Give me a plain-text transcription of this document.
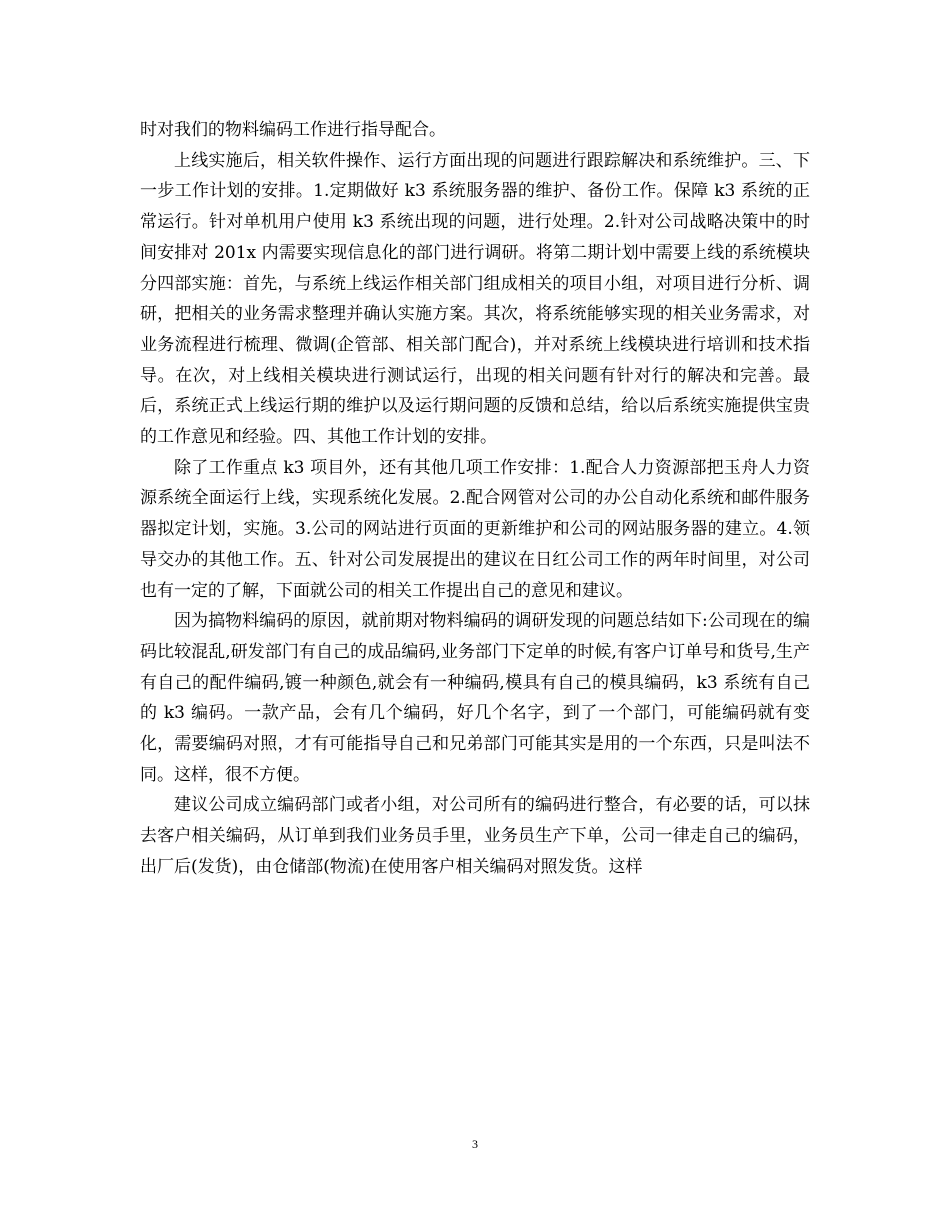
时对我们的物料编码工作进行指导配合。

上线实施后，相关软件操作、运行方面出现的问题进行跟踪解决和系统维护。三、下一步工作计划的安排。1.定期做好 k3 系统服务器的维护、备份工作。保障 k3 系统的正常运行。针对单机用户使用 k3 系统出现的问题，进行处理。2.针对公司战略决策中的时间安排对 201x 内需要实现信息化的部门进行调研。将第二期计划中需要上线的系统模块分四部实施：首先，与系统上线运作相关部门组成相关的项目小组，对项目进行分析、调研，把相关的业务需求整理并确认实施方案。其次，将系统能够实现的相关业务需求，对业务流程进行梳理、微调(企管部、相关部门配合)，并对系统上线模块进行培训和技术指导。在次，对上线相关模块进行测试运行，出现的相关问题有针对行的解决和完善。最后，系统正式上线运行期的维护以及运行期问题的反馈和总结，给以后系统实施提供宝贵的工作意见和经验。四、其他工作计划的安排。

除了工作重点 k3 项目外，还有其他几项工作安排：1.配合人力资源部把玉舟人力资源系统全面运行上线，实现系统化发展。2.配合网管对公司的办公自动化系统和邮件服务器拟定计划，实施。3.公司的网站进行页面的更新维护和公司的网站服务器的建立。4.领导交办的其他工作。五、针对公司发展提出的建议在日红公司工作的两年时间里，对公司也有一定的了解，下面就公司的相关工作提出自己的意见和建议。

因为搞物料编码的原因，就前期对物料编码的调研发现的问题总结如下:公司现在的编码比较混乱,研发部门有自己的成品编码,业务部门下定单的时候,有客户订单号和货号,生产有自己的配件编码,镀一种颜色,就会有一种编码,模具有自己的模具编码，k3 系统有自己的 k3 编码。一款产品，会有几个编码，好几个名字，到了一个部门，可能编码就有变化，需要编码对照，才有可能指导自己和兄弟部门可能其实是用的一个东西，只是叫法不同。这样，很不方便。

建议公司成立编码部门或者小组，对公司所有的编码进行整合，有必要的话，可以抹去客户相关编码，从订单到我们业务员手里，业务员生产下单，公司一律走自己的编码，出厂后(发货)，由仓储部(物流)在使用客户相关编码对照发货。这样

3
